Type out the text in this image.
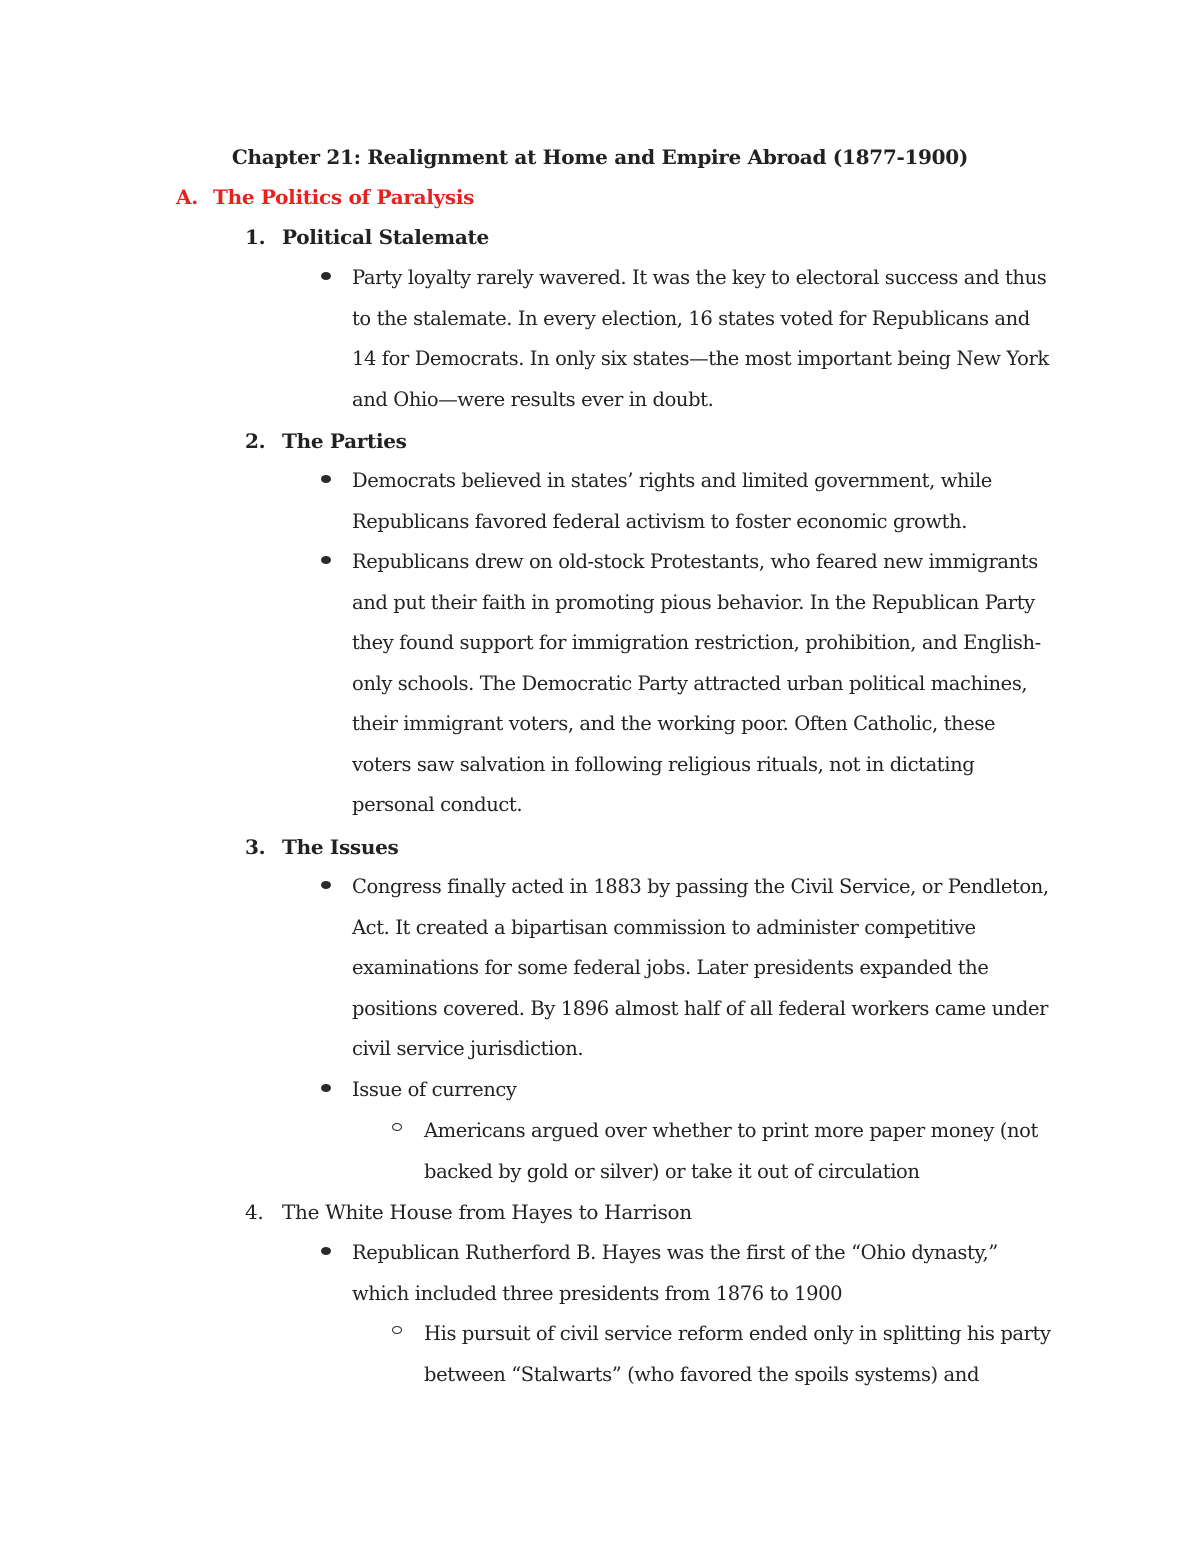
Chapter 21: Realignment at Home and Empire Abroad (1877-1900)
A. The Politics of Paralysis
1. Political Stalemate
Party loyalty rarely wavered. It was the key to electoral success and thus to the stalemate. In every election, 16 states voted for Republicans and 14 for Democrats. In only six states—the most important being New York and Ohio—were results ever in doubt.
2. The Parties
Democrats believed in states’ rights and limited government, while Republicans favored federal activism to foster economic growth.
Republicans drew on old-stock Protestants, who feared new immigrants and put their faith in promoting pious behavior. In the Republican Party they found support for immigration restriction, prohibition, and English-only schools. The Democratic Party attracted urban political machines, their immigrant voters, and the working poor. Often Catholic, these voters saw salvation in following religious rituals, not in dictating personal conduct.
3. The Issues
Congress finally acted in 1883 by passing the Civil Service, or Pendleton, Act. It created a bipartisan commission to administer competitive examinations for some federal jobs. Later presidents expanded the positions covered. By 1896 almost half of all federal workers came under civil service jurisdiction.
Issue of currency
Americans argued over whether to print more paper money (not backed by gold or silver) or take it out of circulation
4. The White House from Hayes to Harrison
Republican Rutherford B. Hayes was the first of the “Ohio dynasty,” which included three presidents from 1876 to 1900
His pursuit of civil service reform ended only in splitting his party between “Stalwarts” (who favored the spoils systems) and
